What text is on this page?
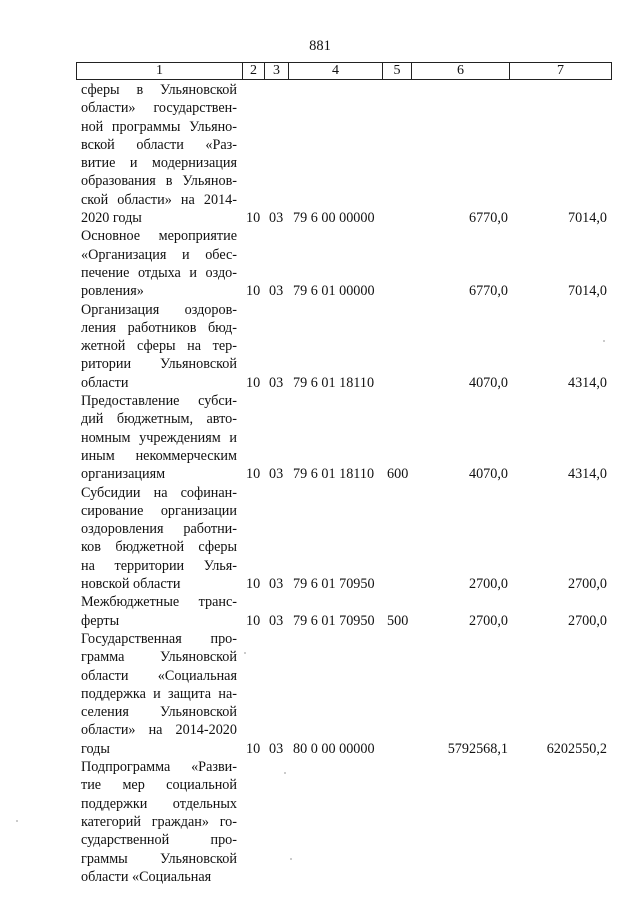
881
1	2	3	4	5	6	7
сферы в Ульяновской
области» государствен-
ной программы Ульяно-
вской области «Раз-
витие и модернизация
образования в Ульянов-
ской области» на 2014-
2020 годы	10 03 79 6 00 00000	6770,0	7014,0
Основное мероприятие
«Организация и обес-
печение отдыха и оздо-
ровления»	10 03 79 6 01 00000	6770,0	7014,0
Организация оздоров-
ления работников бюд-
жетной сферы на тер-
ритории Ульяновской
области	10 03 79 6 01 18110	4070,0	4314,0
Предоставление субси-
дий бюджетным, авто-
номным учреждениям и
иным некоммерческим
организациям	10 03 79 6 01 18110 600	4070,0	4314,0
Субсидии на софинан-
сирование организации
оздоровления работни-
ков бюджетной сферы
на территории Улья-
новской области	10 03 79 6 01 70950	2700,0	2700,0
Межбюджетные транс-
ферты	10 03 79 6 01 70950 500	2700,0	2700,0
Государственная про-
грамма Ульяновской
области «Социальная
поддержка и защита на-
селения Ульяновской
области» на 2014-2020
годы	10 03 80 0 00 00000	5792568,1	6202550,2
Подпрограмма «Разви-
тие мер социальной
поддержки отдельных
категорий граждан» го-
сударственной про-
граммы Ульяновской
области «Социальная
